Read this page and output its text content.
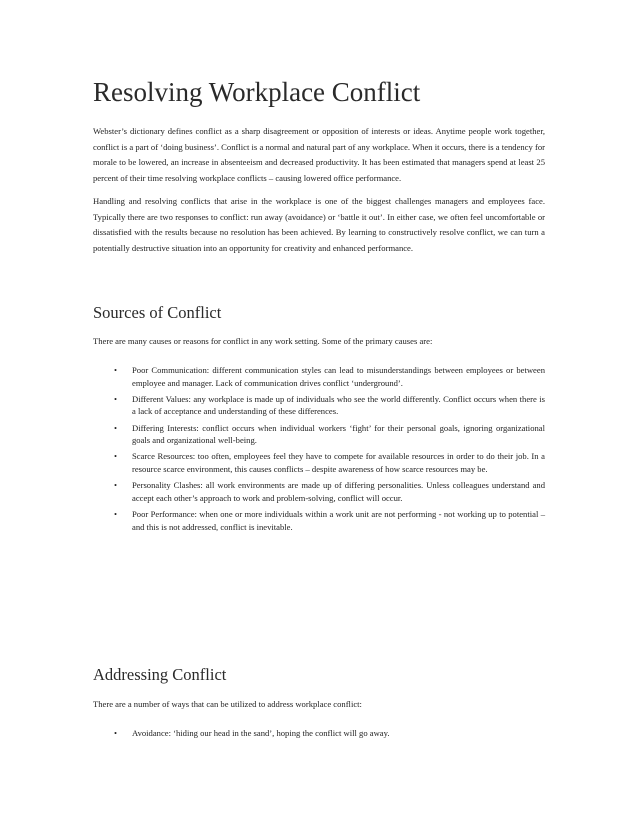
Resolving Workplace Conflict

Webster’s dictionary defines conflict as a sharp disagreement or opposition of interests or ideas. Anytime people work together, conflict is a part of ‘doing business’. Conflict is a normal and natural part of any workplace. When it occurs, there is a tendency for morale to be lowered, an increase in absenteeism and decreased productivity. It has been estimated that managers spend at least 25 percent of their time resolving workplace conflicts – causing lowered office performance.

Handling and resolving conflicts that arise in the workplace is one of the biggest challenges managers and employees face. Typically there are two responses to conflict: run away (avoidance) or ‘battle it out’. In either case, we often feel uncomfortable or dissatisfied with the results because no resolution has been achieved. By learning to constructively resolve conflict, we can turn a potentially destructive situation into an opportunity for creativity and enhanced performance.

Sources of Conflict

There are many causes or reasons for conflict in any work setting. Some of the primary causes are:

• Poor Communication: different communication styles can lead to misunderstandings between employees or between employee and manager. Lack of communication drives conflict ‘underground’.
• Different Values: any workplace is made up of individuals who see the world differently. Conflict occurs when there is a lack of acceptance and understanding of these differences.
• Differing Interests: conflict occurs when individual workers ‘fight’ for their personal goals, ignoring organizational goals and organizational well-being.
• Scarce Resources: too often, employees feel they have to compete for available resources in order to do their job. In a resource scarce environment, this causes conflicts – despite awareness of how scarce resources may be.
• Personality Clashes: all work environments are made up of differing personalities. Unless colleagues understand and accept each other’s approach to work and problem-solving, conflict will occur.
• Poor Performance: when one or more individuals within a work unit are not performing - not working up to potential – and this is not addressed, conflict is inevitable.
Addressing Conflict

There are a number of ways that can be utilized to address workplace conflict:

• Avoidance: ‘hiding our head in the sand’, hoping the conflict will go away.
